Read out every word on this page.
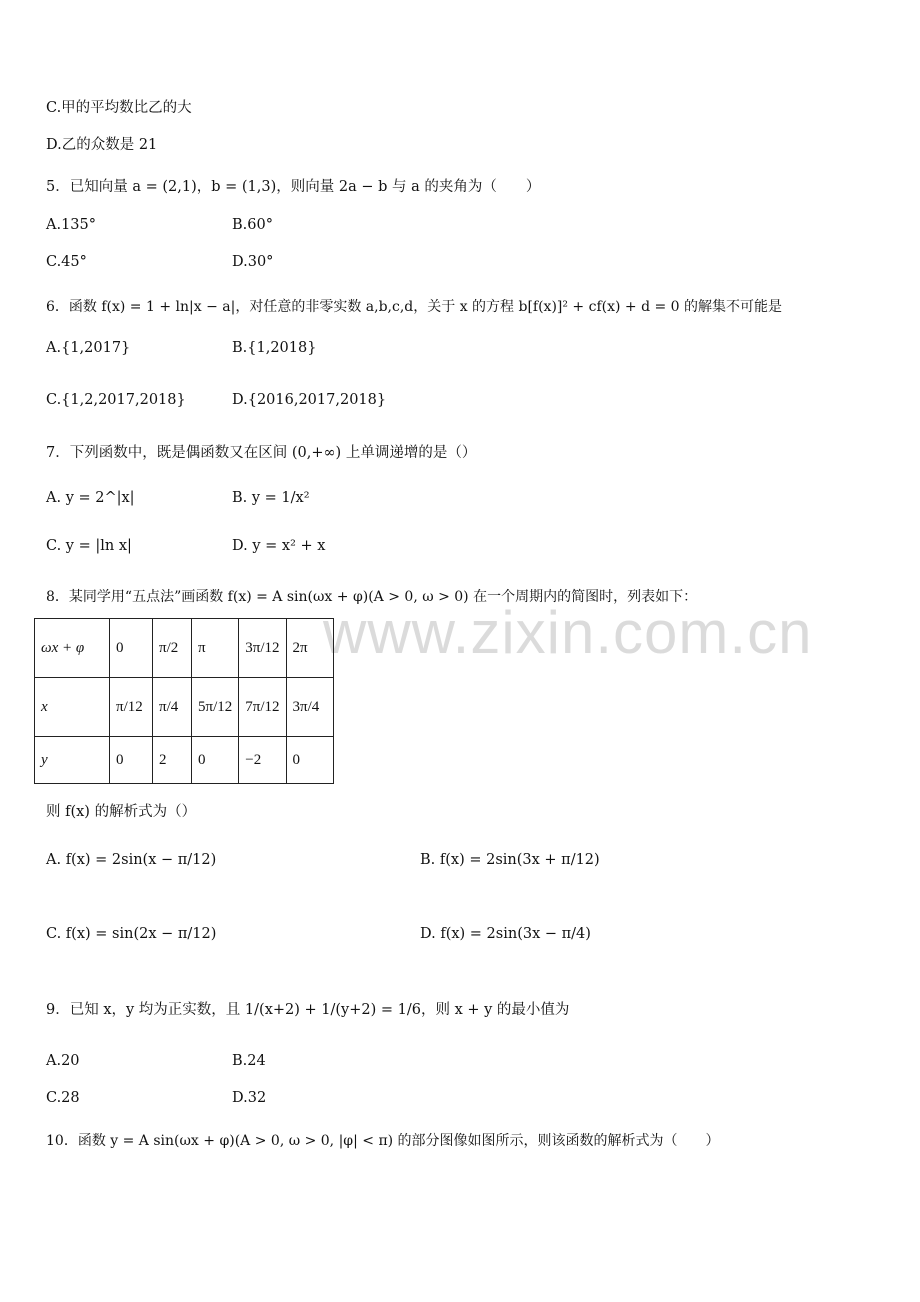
www.zixin.com.cn
C.甲的平均数比乙的大
D.乙的众数是 21
5．已知向量 a = (2,1)，b = (1,3)，则向量 2a − b 与 a 的夹角为（　　）
A.135°	B.60°
C.45°	D.30°
6．函数 f(x) = 1 + ln|x − a|，对任意的非零实数 a,b,c,d，关于 x 的方程 b[f(x)]² + cf(x) + d = 0 的解集不可能是
A.{1,2017}	B.{1,2018}
C.{1,2,2017,2018}	D.{2016,2017,2018}
7．下列函数中，既是偶函数又在区间 (0,+∞) 上单调递增的是（）
A. y = 2^|x|	B. y = 1/x²
C. y = |ln x|	D. y = x² + x
8．某同学用“五点法”画函数 f(x) = A sin(ωx + φ)(A > 0, ω > 0) 在一个周期内的简图时，列表如下：
ωx + φ	0	π/2	π	3π/12	2π
x	π/12	π/4	5π/12	7π/12	3π/4
y	0	2	0	−2	0
则 f(x) 的解析式为（）
A. f(x) = 2sin(x − π/12)	B. f(x) = 2sin(3x + π/12)
C. f(x) = sin(2x − π/12)	D. f(x) = 2sin(3x − π/4)
9．已知 x，y 均为正实数，且 1/(x+2) + 1/(y+2) = 1/6，则 x + y 的最小值为
A.20	B.24
C.28	D.32
10．函数 y = A sin(ωx + φ)(A > 0, ω > 0, |φ| < π) 的部分图像如图所示，则该函数的解析式为（　　）
